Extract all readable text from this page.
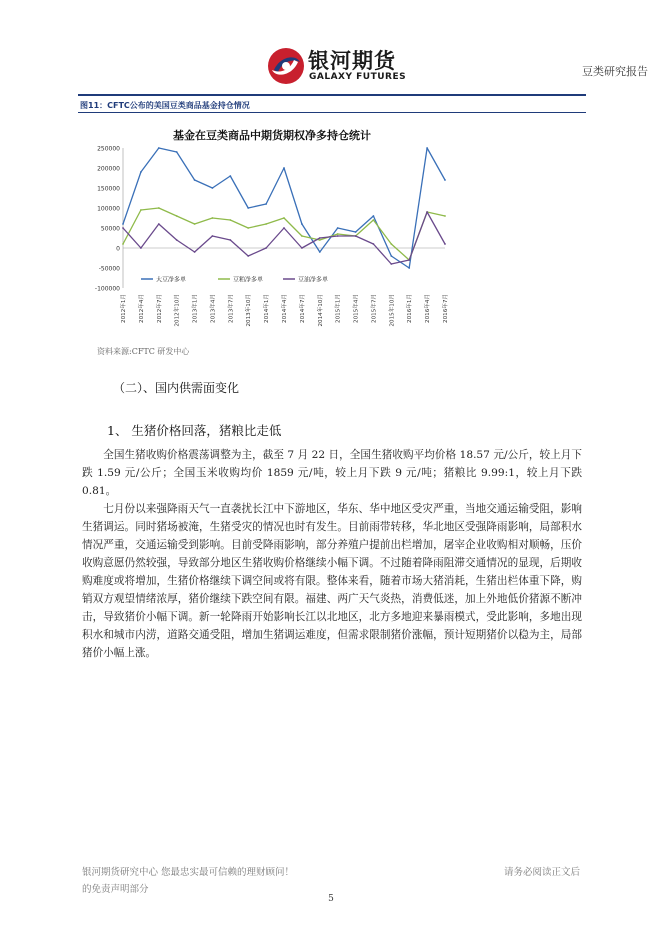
银河期货
GALAXY FUTURES	豆类研究报告
图11：CFTC公布的美国豆类商品基金持仓情况
基金在豆类商品中期货期权净多持仓统计
250000
200000
150000
100000
50000
0
-50000
-100000
2012年1月	2012年4月	2012年7月	2012年10月	2013年1月	2013年4月	2013年7月	2013年10月	2014年1月	2014年4月	2014年7月	2014年10月	2015年1月	2015年4月	2015年7月	2015年10月	2016年1月	2016年4月	2016年7月
大豆净多单	豆粕净多单	豆油净多单
资料来源:CFTC 研发中心
（二）、国内供需面变化
1、 生猪价格回落，猪粮比走低

全国生猪收购价格震荡调整为主，截至 7 月 22 日，全国生猪收购平均价格 18.57 元/公斤，较上月下跌 1.59 元/公斤；全国玉米收购均价 1859 元/吨，较上月下跌 9 元/吨；猪粮比 9.99:1，较上月下跌 0.81。

七月份以来强降雨天气一直袭扰长江中下游地区，华东、华中地区受灾严重，当地交通运输受阻，影响生猪调运。同时猪场被淹，生猪受灾的情况也时有发生。目前雨带转移，华北地区受强降雨影响，局部积水情况严重，交通运输受到影响。目前受降雨影响，部分养殖户提前出栏增加，屠宰企业收购相对顺畅，压价收购意愿仍然较强，导致部分地区生猪收购价格继续小幅下调。不过随着降雨阻滞交通情况的显现，后期收购难度或将增加，生猪价格继续下调空间或将有限。整体来看，随着市场大猪消耗，生猪出栏体重下降，购销双方观望情绪浓厚，猪价继续下跌空间有限。福建、两广天气炎热，消费低迷，加上外地低价猪源不断冲击，导致猪价小幅下调。新一轮降雨开始影响长江以北地区，北方多地迎来暴雨模式，受此影响，多地出现积水和城市内涝，道路交通受阻，增加生猪调运难度，但需求限制猪价涨幅，预计短期猪价以稳为主，局部猪价小幅上涨。

银河期货研究中心 您最忠实最可信赖的理财顾问！
的免责声明部分
请务必阅读正文后
5
